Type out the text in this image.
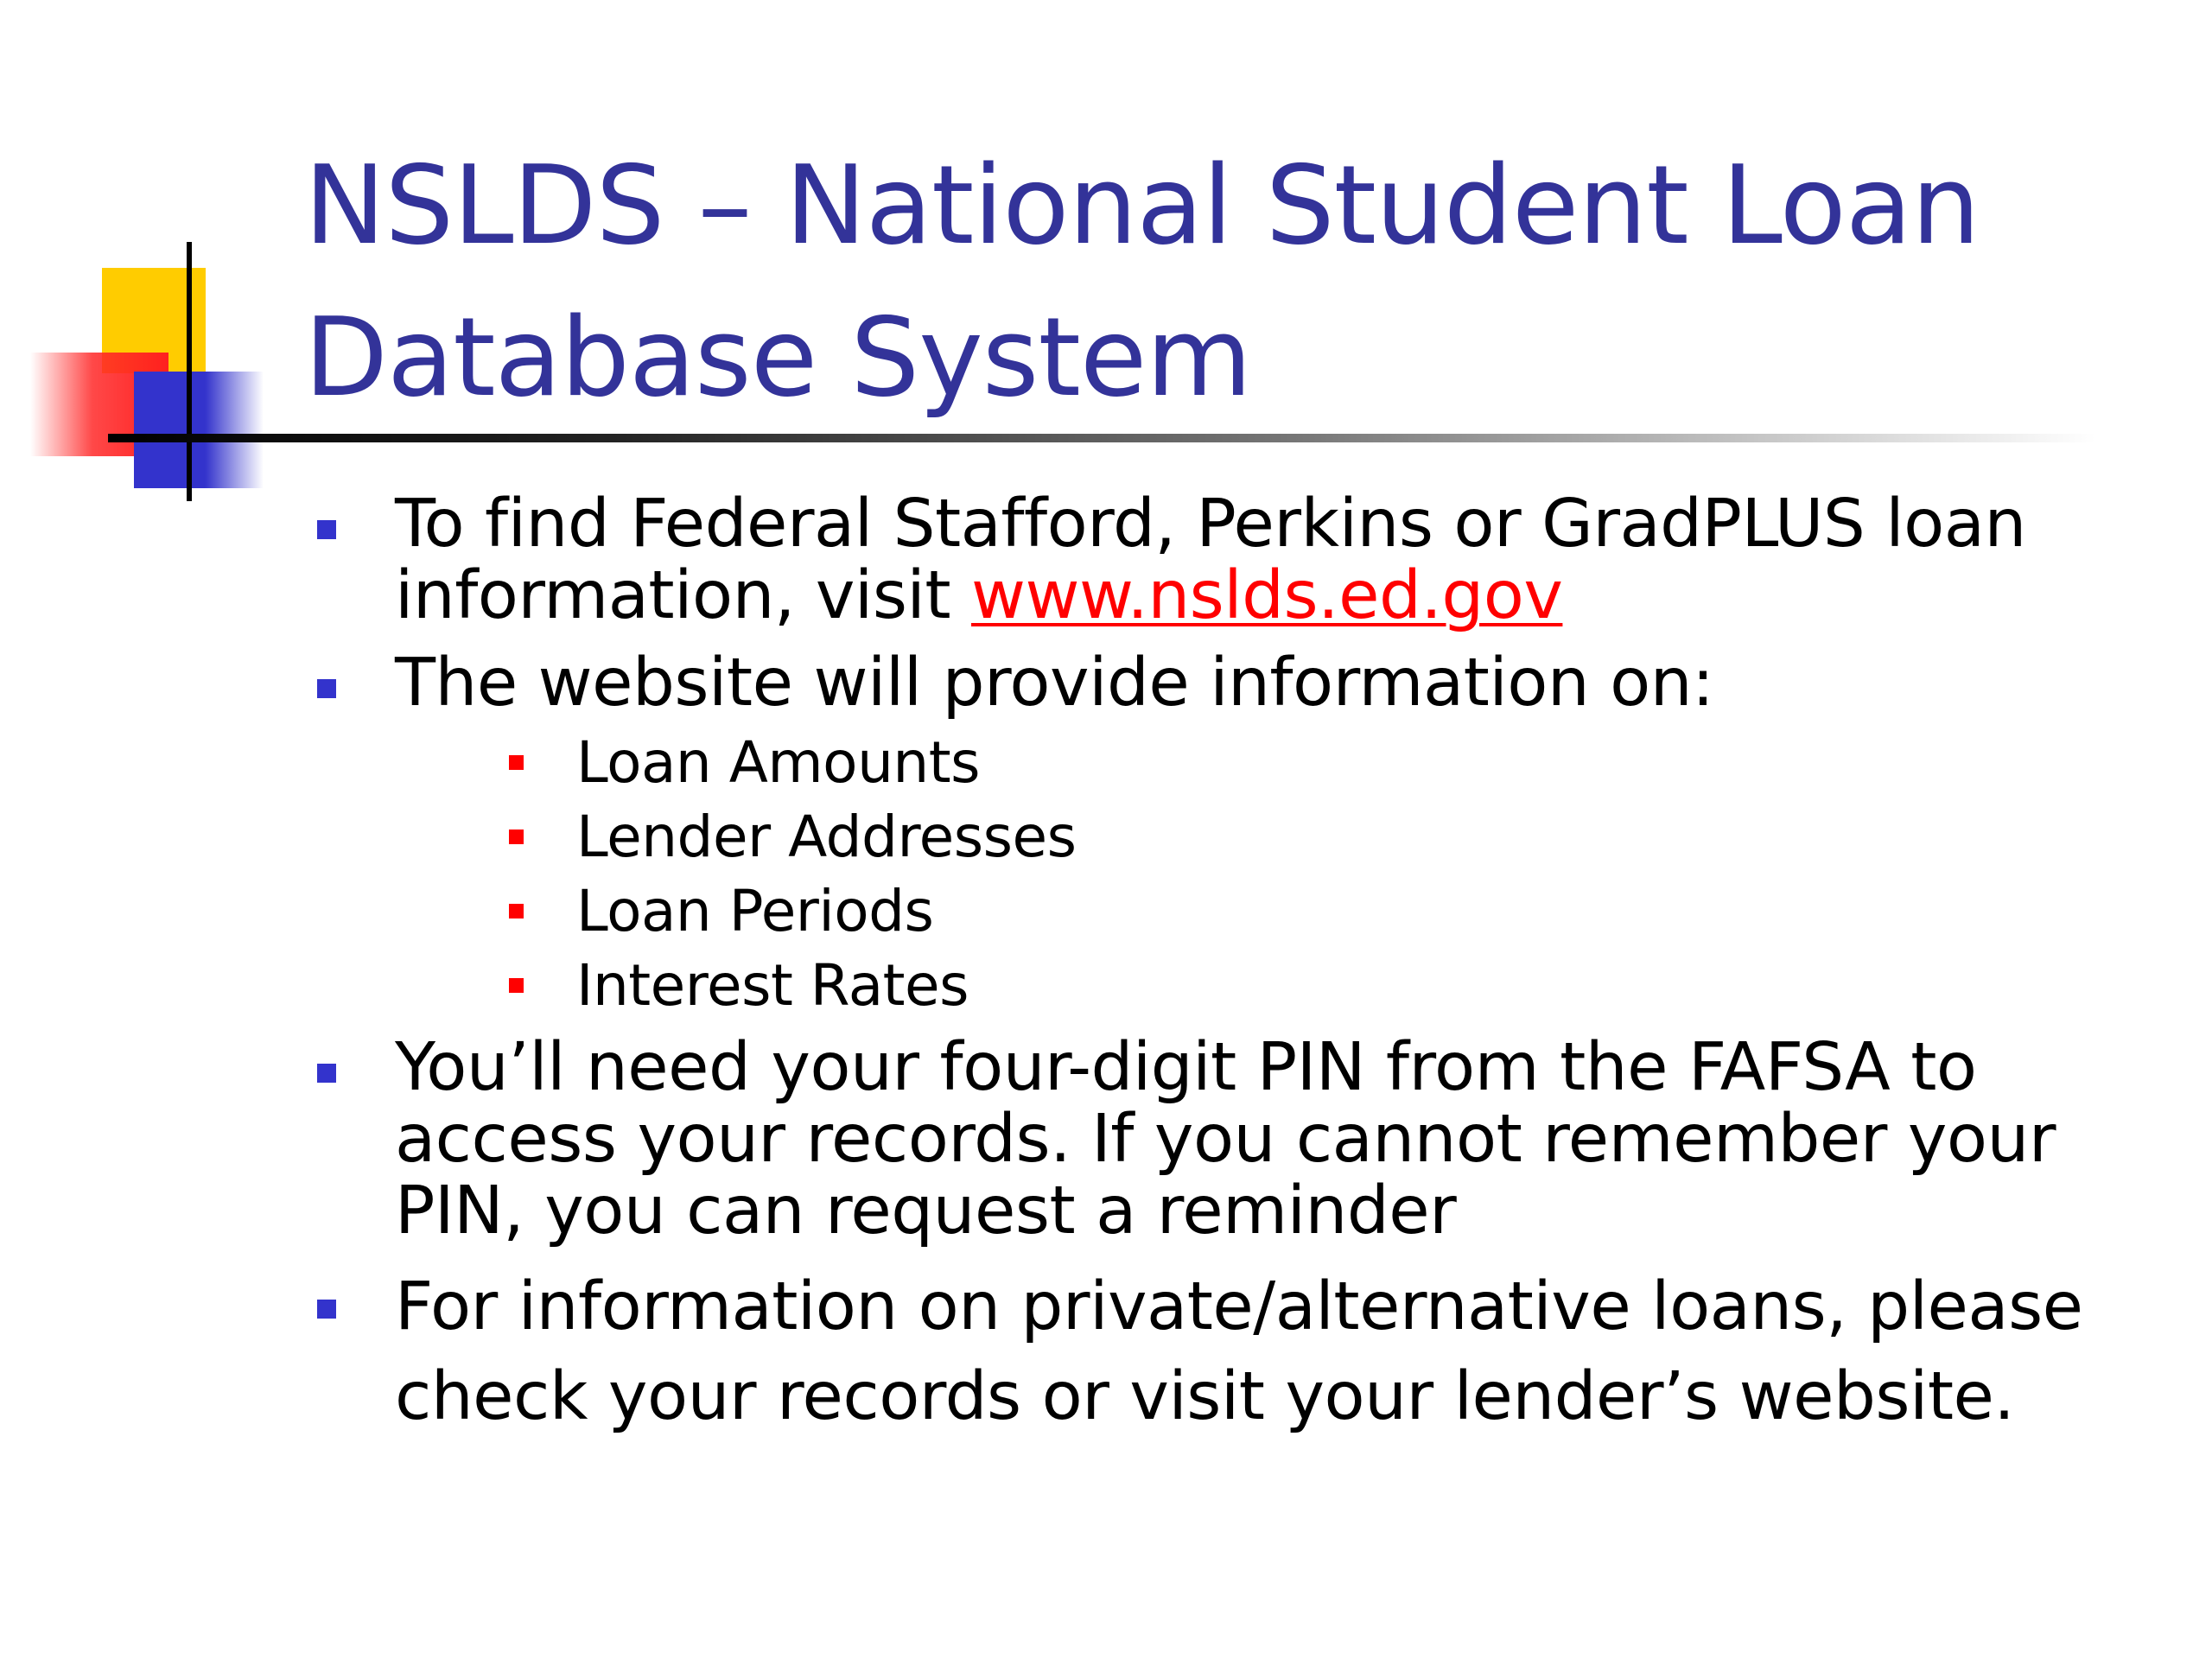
NSLDS – National Student Loan
Database System
To find Federal Stafford, Perkins or GradPLUS loan information, visit www.nslds.ed.gov
The website will provide information on:
Loan Amounts
Lender Addresses
Loan Periods
Interest Rates
You’ll need your four-digit PIN from the FAFSA to access your records. If you cannot remember your PIN, you can request a reminder
For information on private/alternative loans, please check your records or visit your lender’s website.
